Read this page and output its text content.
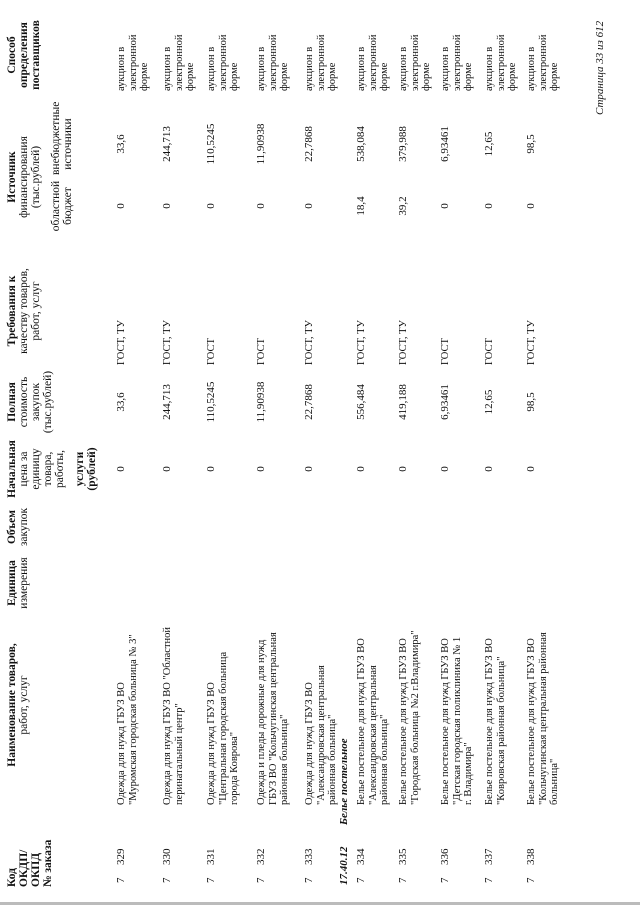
Код ОКДП/ ОКПД № заказа
Наименование товаров, работ, услуг
Единица измерения
Объем закупок
Начальная цена за единицу товара, работы, услуги (рублей)
Полная стоимость закупок (тыс.рублей)
Требования к качеству товаров, работ, услуг
Источник финансирования (тыс.рублей) областной бюджет
внебюджетные источники
Способ определения поставщиков
7
329
Одежда для нужд ГБУЗ ВО "Муромская городская больница № 3"
0
33,6
ГОСТ, ТУ
0
33,6
аукцион в электронной форме
7
330
Одежда для нужд ГБУЗ ВО "Областной перинатальный центр"
0
244,713
ГОСТ, ТУ
0
244,713
аукцион в электронной форме
7
331
Одежда для нужд ГБУЗ ВО "Центральная городская больница города Коврова"
0
110,5245
ГОСТ
0
110,5245
аукцион в электронной форме
7
332
Одежда и пледы дорожные для нужд ГБУЗ ВО "Кольчугинская центральная районная больница"
0
11,90938
ГОСТ
0
11,90938
аукцион в электронной форме
7
333
Одежда для нужд ГБУЗ ВО "Александровская центральная районная больница"
0
22,7868
ГОСТ, ТУ
0
22,7868
аукцион в электронной форме
7
334
Белье постельное для нужд ГБУЗ ВО "Александровская центральная районная больница"
0
556,484
ГОСТ, ТУ
18,4
538,084
аукцион в электронной форме
7
335
Белье постельное для нужд ГБУЗ ВО "Городская больница №2 г.Владимира"
0
419,188
ГОСТ, ТУ
39,2
379,988
аукцион в электронной форме
7
336
Белье постельное для нужд ГБУЗ ВО "Детская городская поликлиника № 1 г. Владимира"
0
6,93461
ГОСТ
0
6,93461
аукцион в электронной форме
7
337
Белье постельное для нужд ГБУЗ ВО "Ковровская районная больница"
0
12,65
ГОСТ
0
12,65
аукцион в электронной форме
7
338
Белье постельное для нужд ГБУЗ ВО "Кольчугинская центральная районная больница"
0
98,5
ГОСТ, ТУ
0
98,5
аукцион в электронной форме
17.40.12
Белье постельное
Страница 33 из 612
